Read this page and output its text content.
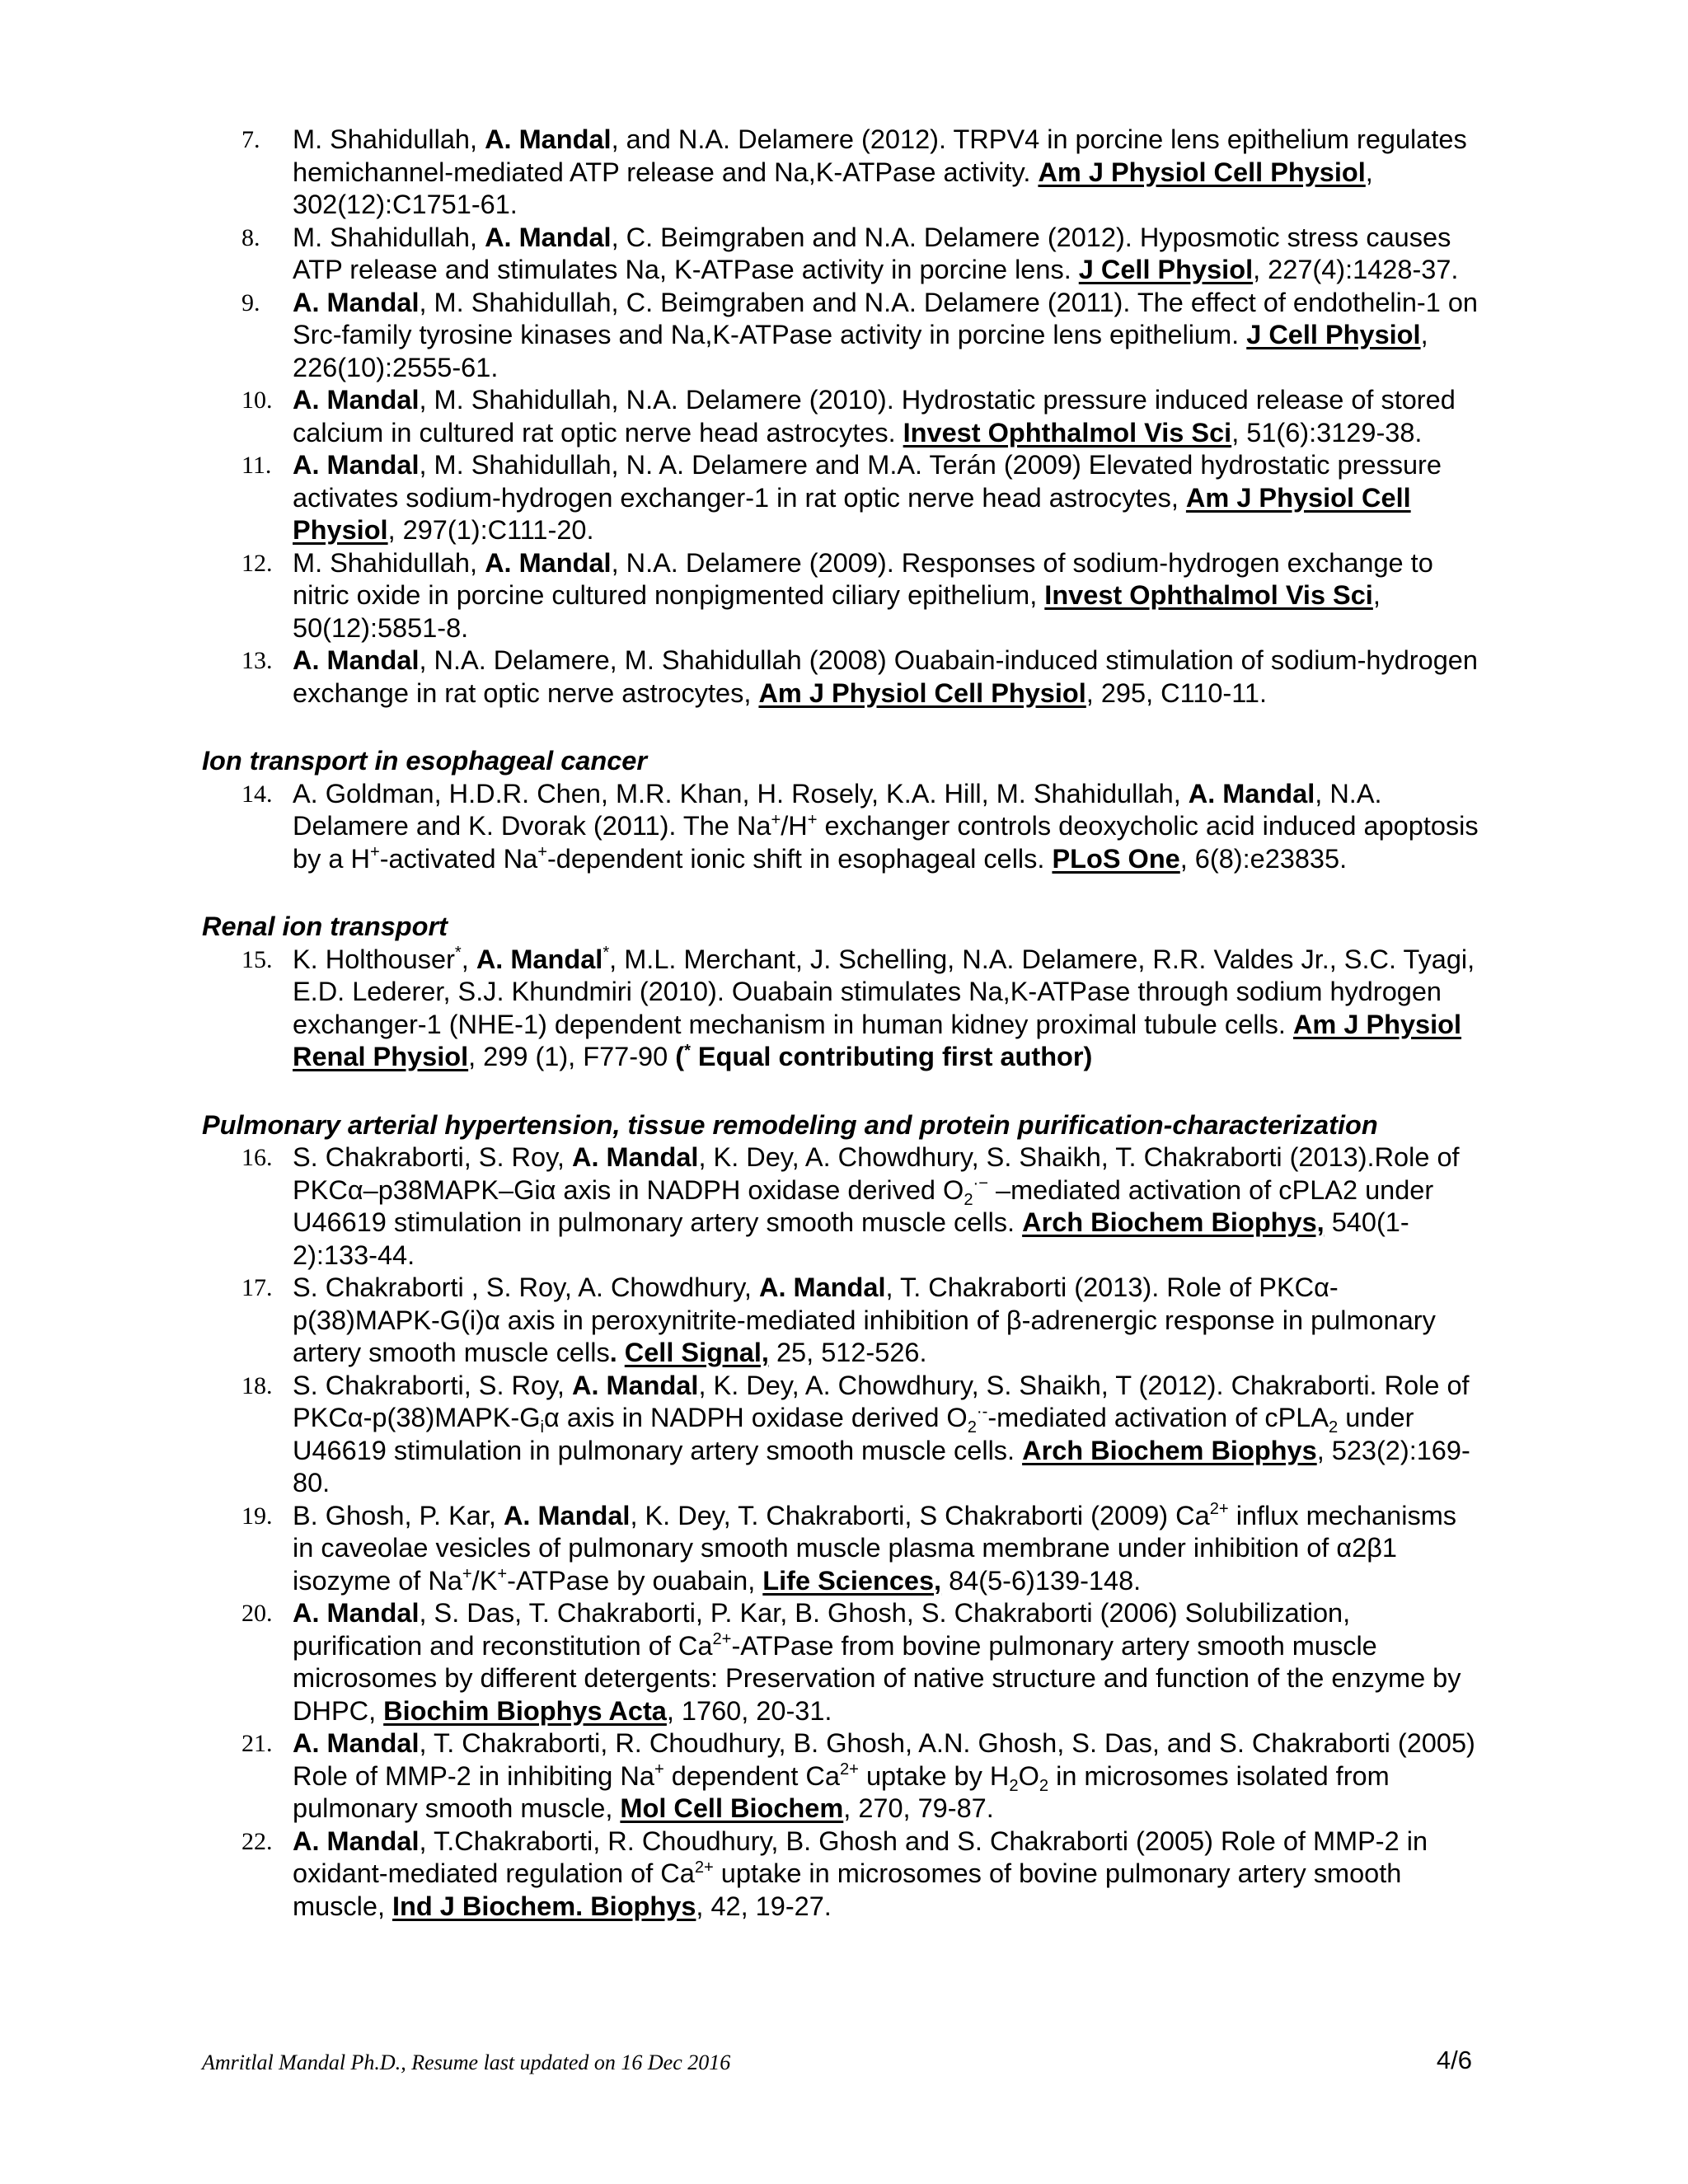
7. M. Shahidullah, A. Mandal, and N.A. Delamere (2012). TRPV4 in porcine lens epithelium regulates hemichannel-mediated ATP release and Na,K-ATPase activity. Am J Physiol Cell Physiol, 302(12):C1751-61.
8. M. Shahidullah, A. Mandal, C. Beimgraben and N.A. Delamere (2012). Hyposmotic stress causes ATP release and stimulates Na, K-ATPase activity in porcine lens. J Cell Physiol, 227(4):1428-37.
9. A. Mandal, M. Shahidullah, C. Beimgraben and N.A. Delamere (2011). The effect of endothelin-1 on Src-family tyrosine kinases and Na,K-ATPase activity in porcine lens epithelium. J Cell Physiol, 226(10):2555-61.
10. A. Mandal, M. Shahidullah, N.A. Delamere (2010). Hydrostatic pressure induced release of stored calcium in cultured rat optic nerve head astrocytes. Invest Ophthalmol Vis Sci, 51(6):3129-38.
11. A. Mandal, M. Shahidullah, N. A. Delamere and M.A. Terán (2009) Elevated hydrostatic pressure activates sodium-hydrogen exchanger-1 in rat optic nerve head astrocytes, Am J Physiol Cell Physiol, 297(1):C111-20.
12. M. Shahidullah, A. Mandal, N.A. Delamere (2009). Responses of sodium-hydrogen exchange to nitric oxide in porcine cultured nonpigmented ciliary epithelium, Invest Ophthalmol Vis Sci, 50(12):5851-8.
13. A. Mandal, N.A. Delamere, M. Shahidullah (2008) Ouabain-induced stimulation of sodium-hydrogen exchange in rat optic nerve astrocytes, Am J Physiol Cell Physiol, 295, C110-11.
Ion transport in esophageal cancer
14. A. Goldman, H.D.R. Chen, M.R. Khan, H. Rosely, K.A. Hill, M. Shahidullah, A. Mandal, N.A. Delamere and K. Dvorak (2011). The Na+/H+ exchanger controls deoxycholic acid induced apoptosis by a H+-activated Na+-dependent ionic shift in esophageal cells. PLoS One, 6(8):e23835.
Renal ion transport
15. K. Holthouser*, A. Mandal*, M.L. Merchant, J. Schelling, N.A. Delamere, R.R. Valdes Jr., S.C. Tyagi, E.D. Lederer, S.J. Khundmiri (2010). Ouabain stimulates Na,K-ATPase through sodium hydrogen exchanger-1 (NHE-1) dependent mechanism in human kidney proximal tubule cells. Am J Physiol Renal Physiol, 299 (1), F77-90 (* Equal contributing first author)
Pulmonary arterial hypertension, tissue remodeling and protein purification-characterization
16. S. Chakraborti, S. Roy, A. Mandal, K. Dey, A. Chowdhury, S. Shaikh, T. Chakraborti (2013).Role of PKCα–p38MAPK–Giα axis in NADPH oxidase derived $O_2^{\cdot-}$ –mediated activation of cPLA2 under U46619 stimulation in pulmonary artery smooth muscle cells. Arch Biochem Biophys, 540(1-2):133-44.
17. S. Chakraborti , S. Roy, A. Chowdhury, A. Mandal, T. Chakraborti (2013). Role of PKCα-p(38)MAPK-G(i)α axis in peroxynitrite-mediated inhibition of β-adrenergic response in pulmonary artery smooth muscle cells. Cell Signal, 25, 512-526.
18. S. Chakraborti, S. Roy, A. Mandal, K. Dey, A. Chowdhury, S. Shaikh, T (2012). Chakraborti. Role of PKCα-$p(38)MAPK-G_i\alpha$ axis in NADPH oxidase derived $O_2^{\cdot-}$-mediated activation of cPLA$_2$ under U46619 stimulation in pulmonary artery smooth muscle cells. Arch Biochem Biophys, 523(2):169-80.
19. B. Ghosh, P. Kar, A. Mandal, K. Dey, T. Chakraborti, S Chakraborti (2009) $Ca^{2+}$ influx mechanisms in caveolae vesicles of pulmonary smooth muscle plasma membrane under inhibition of α2β1 isozyme of Na+/K+-ATPase by ouabain, Life Sciences, 84(5-6)139-148.
20. A. Mandal, S. Das, T. Chakraborti, P. Kar, B. Ghosh, S. Chakraborti (2006) Solubilization, purification and reconstitution of $Ca^{2+}$-ATPase from bovine pulmonary artery smooth muscle microsomes by different detergents: Preservation of native structure and function of the enzyme by DHPC, Biochim Biophys Acta, 1760, 20-31.
21. A. Mandal, T. Chakraborti, R. Choudhury, B. Ghosh, A.N. Ghosh, S. Das, and S. Chakraborti (2005) Role of MMP-2 in inhibiting Na+ dependent $Ca^{2+}$ uptake by $H_2O_2$ in microsomes isolated from pulmonary smooth muscle, Mol Cell Biochem, 270, 79-87.
22. A. Mandal, T.Chakraborti, R. Choudhury, B. Ghosh and S. Chakraborti (2005) Role of MMP-2 in oxidant-mediated regulation of $Ca^{2+}$ uptake in microsomes of bovine pulmonary artery smooth muscle, Ind J Biochem. Biophys, 42, 19-27.
Amritlal Mandal Ph.D., Resume last updated on 16 Dec 2016	4/6
